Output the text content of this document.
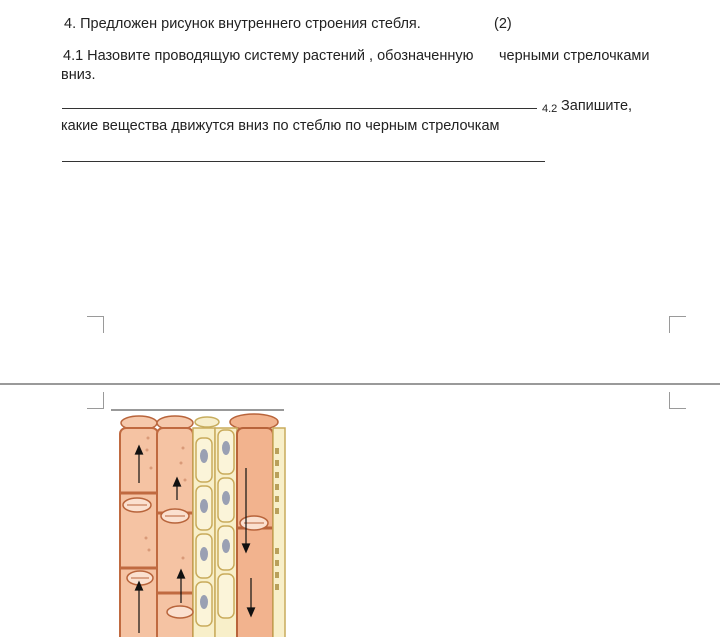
4. Предложен рисунок внутреннего строения стебля.	(2)
4.1 Назовите проводящую систему растений , обозначенную черными стрелочками
вниз.
4.2 Запишите,
какие вещества движутся вниз по стеблю по черным стрелочкам
